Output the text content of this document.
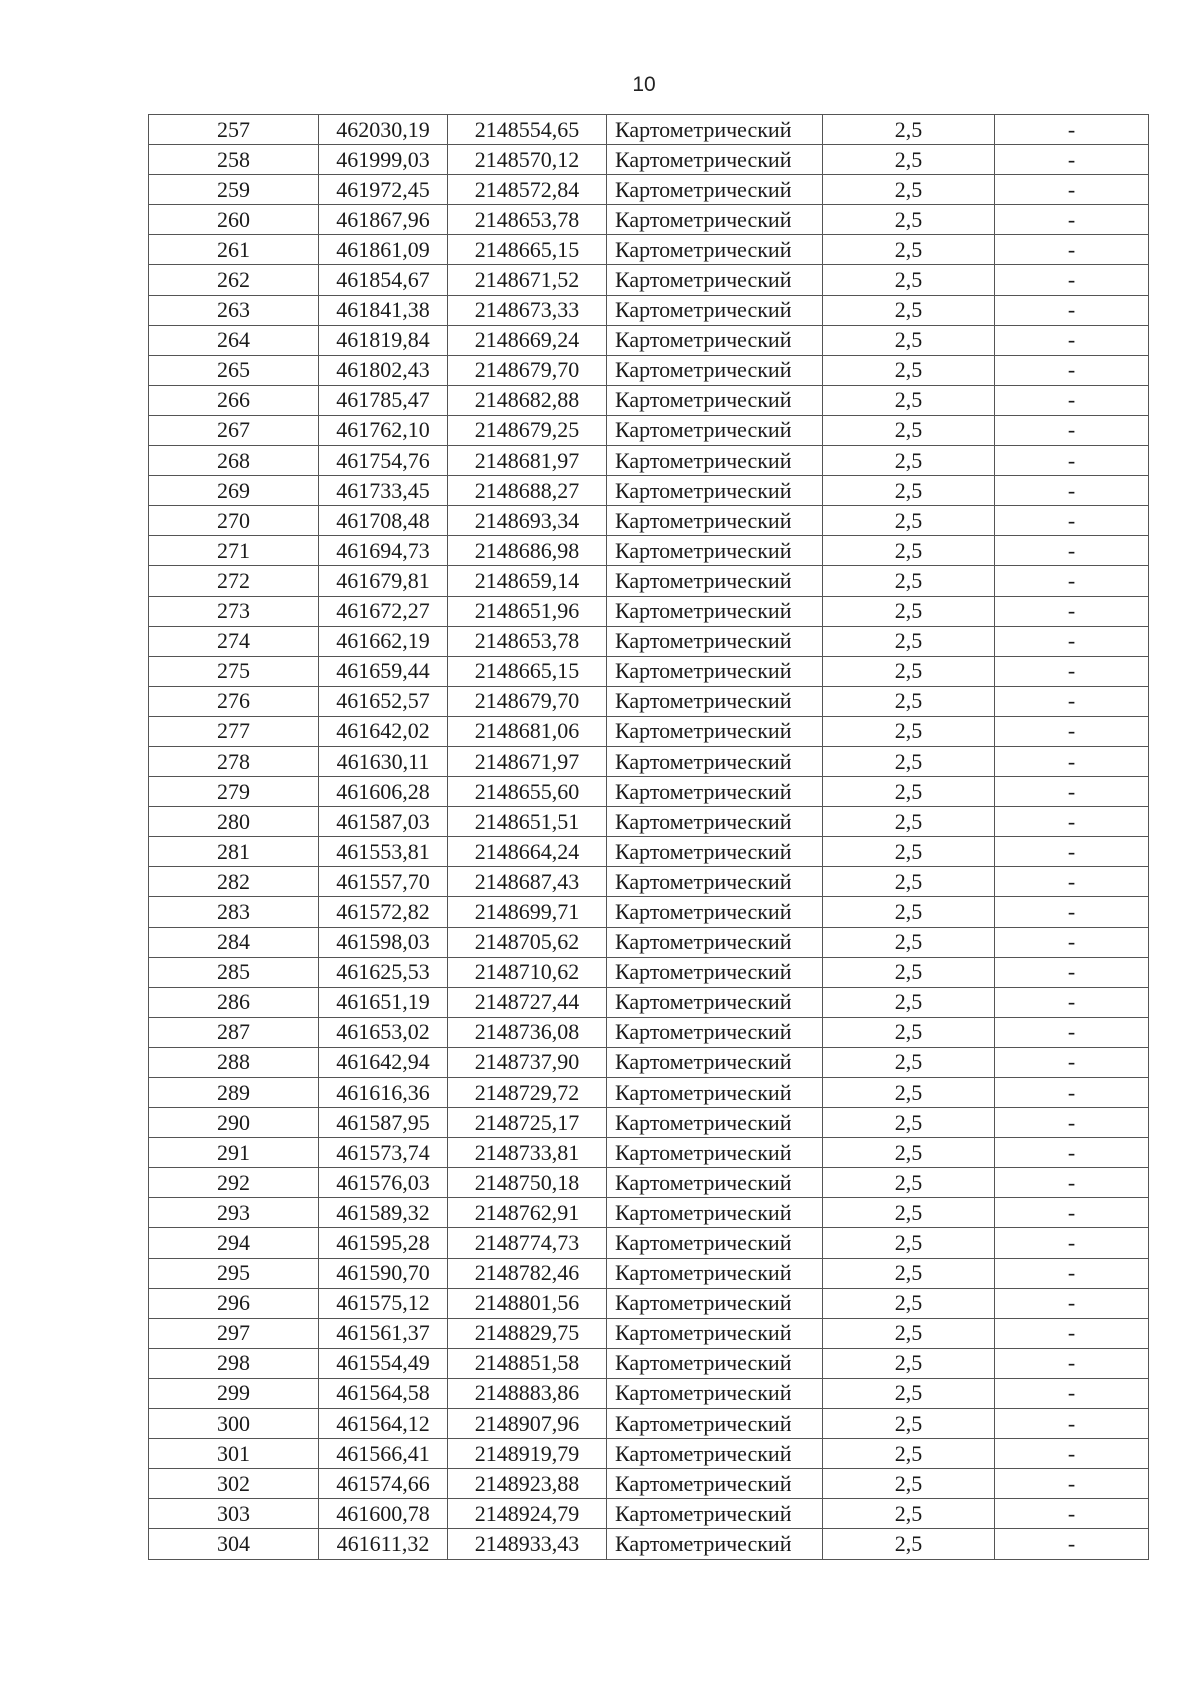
10
257	462030,19	2148554,65	Картометрический	2,5	-
258	461999,03	2148570,12	Картометрический	2,5	-
259	461972,45	2148572,84	Картометрический	2,5	-
260	461867,96	2148653,78	Картометрический	2,5	-
261	461861,09	2148665,15	Картометрический	2,5	-
262	461854,67	2148671,52	Картометрический	2,5	-
263	461841,38	2148673,33	Картометрический	2,5	-
264	461819,84	2148669,24	Картометрический	2,5	-
265	461802,43	2148679,70	Картометрический	2,5	-
266	461785,47	2148682,88	Картометрический	2,5	-
267	461762,10	2148679,25	Картометрический	2,5	-
268	461754,76	2148681,97	Картометрический	2,5	-
269	461733,45	2148688,27	Картометрический	2,5	-
270	461708,48	2148693,34	Картометрический	2,5	-
271	461694,73	2148686,98	Картометрический	2,5	-
272	461679,81	2148659,14	Картометрический	2,5	-
273	461672,27	2148651,96	Картометрический	2,5	-
274	461662,19	2148653,78	Картометрический	2,5	-
275	461659,44	2148665,15	Картометрический	2,5	-
276	461652,57	2148679,70	Картометрический	2,5	-
277	461642,02	2148681,06	Картометрический	2,5	-
278	461630,11	2148671,97	Картометрический	2,5	-
279	461606,28	2148655,60	Картометрический	2,5	-
280	461587,03	2148651,51	Картометрический	2,5	-
281	461553,81	2148664,24	Картометрический	2,5	-
282	461557,70	2148687,43	Картометрический	2,5	-
283	461572,82	2148699,71	Картометрический	2,5	-
284	461598,03	2148705,62	Картометрический	2,5	-
285	461625,53	2148710,62	Картометрический	2,5	-
286	461651,19	2148727,44	Картометрический	2,5	-
287	461653,02	2148736,08	Картометрический	2,5	-
288	461642,94	2148737,90	Картометрический	2,5	-
289	461616,36	2148729,72	Картометрический	2,5	-
290	461587,95	2148725,17	Картометрический	2,5	-
291	461573,74	2148733,81	Картометрический	2,5	-
292	461576,03	2148750,18	Картометрический	2,5	-
293	461589,32	2148762,91	Картометрический	2,5	-
294	461595,28	2148774,73	Картометрический	2,5	-
295	461590,70	2148782,46	Картометрический	2,5	-
296	461575,12	2148801,56	Картометрический	2,5	-
297	461561,37	2148829,75	Картометрический	2,5	-
298	461554,49	2148851,58	Картометрический	2,5	-
299	461564,58	2148883,86	Картометрический	2,5	-
300	461564,12	2148907,96	Картометрический	2,5	-
301	461566,41	2148919,79	Картометрический	2,5	-
302	461574,66	2148923,88	Картометрический	2,5	-
303	461600,78	2148924,79	Картометрический	2,5	-
304	461611,32	2148933,43	Картометрический	2,5	-
